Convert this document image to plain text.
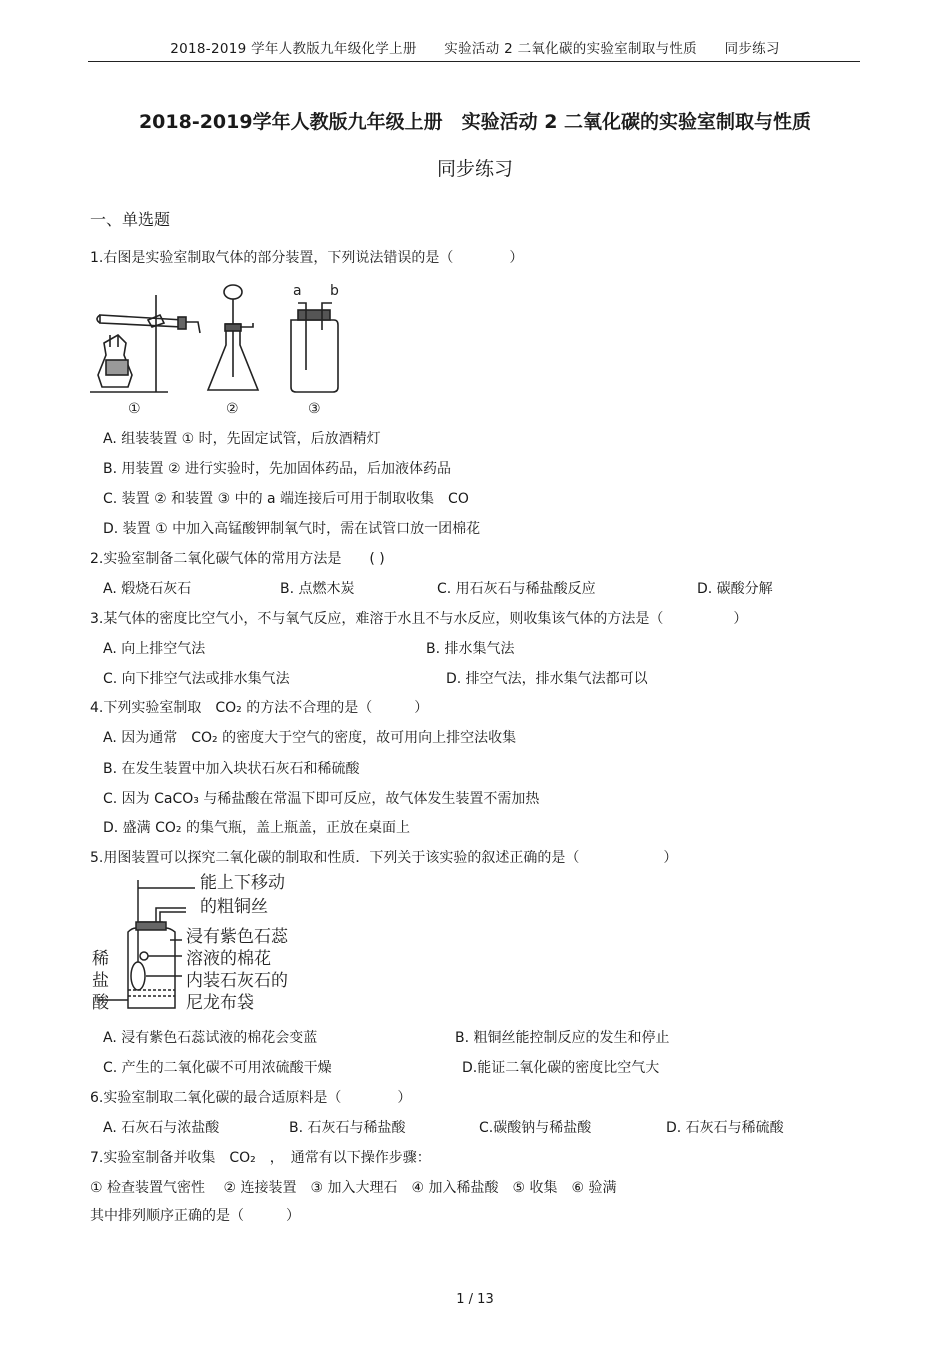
2018-2019 学年人教版九年级化学上册　　实验活动 2 二氧化碳的实验室制取与性质　　同步练习
2018-2019学年人教版九年级上册　实验活动 2 二氧化碳的实验室制取与性质
同步练习
一、单选题
1.右图是实验室制取气体的部分装置，下列说法错误的是（　　　　）
a b
①	②	③
A. 组装装置 ① 时，先固定试管，后放酒精灯
B. 用装置 ② 进行实验时，先加固体药品，后加液体药品
C. 装置 ② 和装置 ③ 中的 a 端连接后可用于制取收集　CO
D. 装置 ① 中加入高锰酸钾制氧气时，需在试管口放一团棉花
2.实验室制备二氧化碳气体的常用方法是　　( )
A. 煅烧石灰石	B. 点燃木炭	C. 用石灰石与稀盐酸反应	D. 碳酸分解
3.某气体的密度比空气小，不与氧气反应，难溶于水且不与水反应，则收集该气体的方法是（　　　　　）
A. 向上排空气法	B. 排水集气法
C. 向下排空气法或排水集气法	D. 排空气法，排水集气法都可以
4.下列实验室制取　CO₂ 的方法不合理的是（　　　）
A. 因为通常　CO₂ 的密度大于空气的密度，故可用向上排空法收集
B. 在发生装置中加入块状石灰石和稀硫酸
C. 因为 CaCO₃ 与稀盐酸在常温下即可反应，故气体发生装置不需加热
D. 盛满 CO₂ 的集气瓶，盖上瓶盖，正放在桌面上
5.用图装置可以探究二氧化碳的制取和性质．下列关于该实验的叙述正确的是（　　　　　　）
能上下移动
的粗铜丝
浸有紫色石蕊
溶液的棉花
内装石灰石的
尼龙布袋
稀
盐
酸
A. 浸有紫色石蕊试液的棉花会变蓝	B. 粗铜丝能控制反应的发生和停止
C. 产生的二氧化碳不可用浓硫酸干燥	D.能证二氧化碳的密度比空气大
6.实验室制取二氧化碳的最合适原料是（　　　　）
A. 石灰石与浓盐酸	B. 石灰石与稀盐酸	C.碳酸钠与稀盐酸	D. 石灰石与稀硫酸
7.实验室制备并收集　CO₂　，　通常有以下操作步骤：
① 检查装置气密性　 ② 连接装置　③ 加入大理石　④ 加入稀盐酸　⑤ 收集　⑥ 验满
其中排列顺序正确的是（　　　）
1 / 13
